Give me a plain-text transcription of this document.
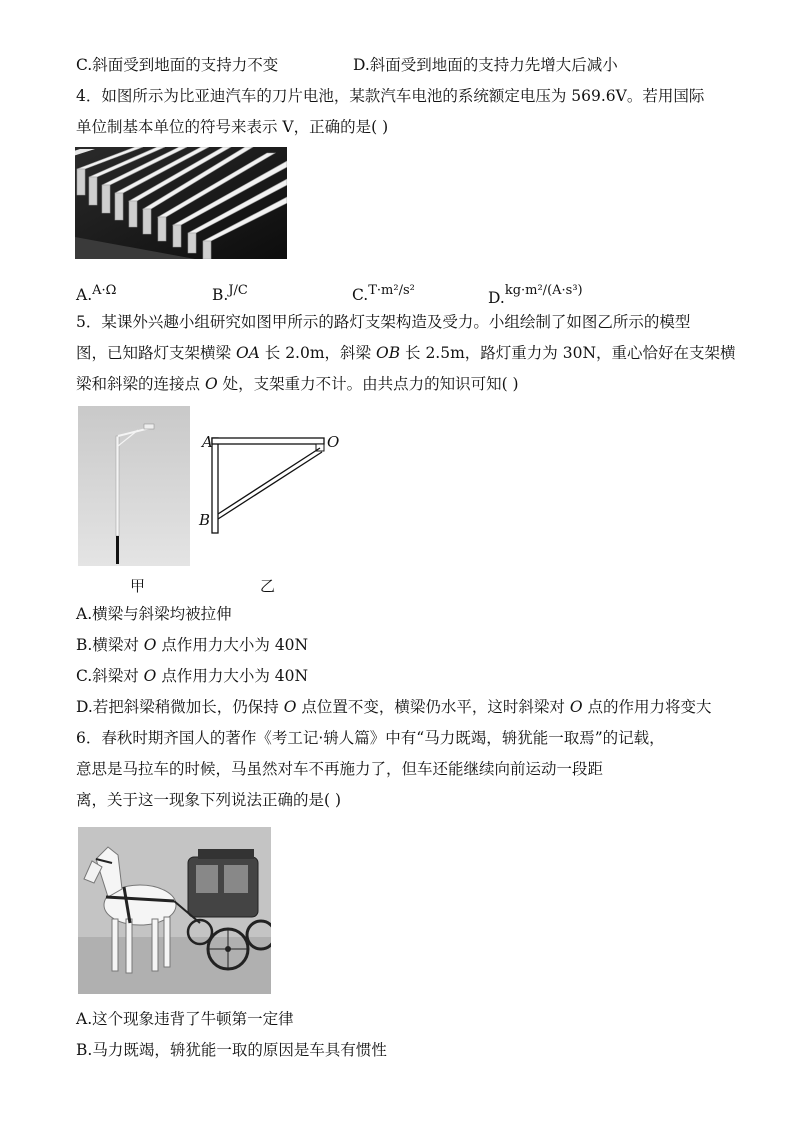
C.斜面受到地面的支持力不变	D.斜面受到地面的支持力先增大后减小
4．如图所示为比亚迪汽车的刀片电池，某款汽车电池的系统额定电压为 569.6V。若用国际
单位制基本单位的符号来表示 V，正确的是( )
A.$^{A\cdot\Omega}$	B.$^{J/C}$	C.$^{T\cdot m^2/s^2}$	D.$^{kg\cdot m^2/(A\cdot s^3)}$
5．某课外兴趣小组研究如图甲所示的路灯支架构造及受力。小组绘制了如图乙所示的模型
图，已知路灯支架横梁 OA 长 2.0m，斜梁 OB 长 2.5m，路灯重力为 30N，重心恰好在支架横
梁和斜梁的连接点 O 处，支架重力不计。由共点力的知识可知( )
A	O
B
甲	乙
A.横梁与斜梁均被拉伸
B.横梁对 O 点作用力大小为 40N
C.斜梁对 O 点作用力大小为 40N
D.若把斜梁稍微加长，仍保持 O 点位置不变，横梁仍水平，这时斜梁对 O 点的作用力将变大
6．春秋时期齐国人的著作《考工记·辀人篇》中有“马力既竭，辀犹能一取焉”的记载，
意思是马拉车的时候，马虽然对车不再施力了，但车还能继续向前运动一段距
离，关于这一现象下列说法正确的是( )
A.这个现象违背了牛顿第一定律
B.马力既竭，辀犹能一取的原因是车具有惯性
